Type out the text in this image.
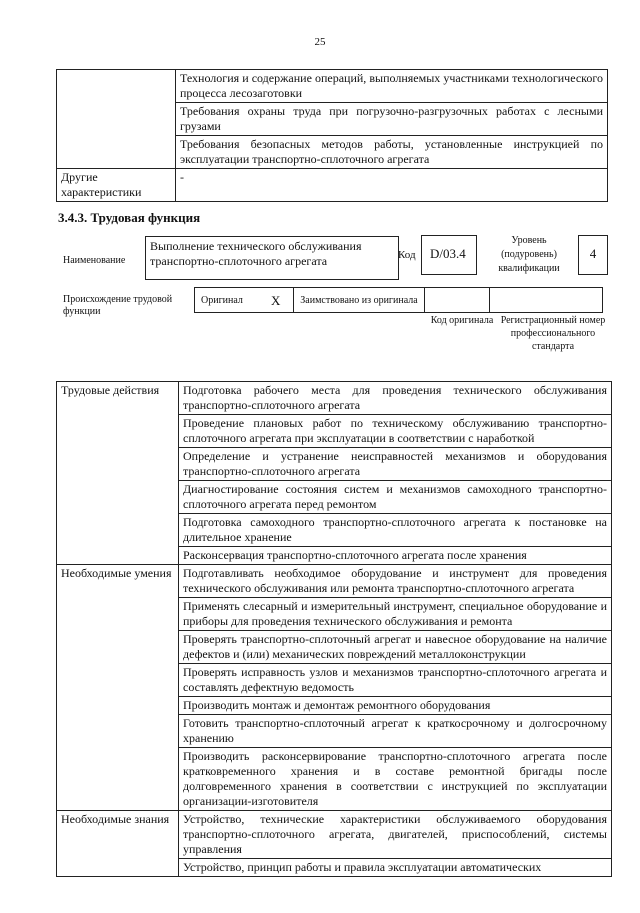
25
	Технология и содержание операций, выполняемых участниками технологического процесса лесозаготовки
	Требования охраны труда при погрузочно-разгрузочных работах с лесными грузами
	Требования безопасных методов работы, установленные инструкцией по эксплуатации транспортно-сплоточного агрегата
Другие характеристики	-
3.4.3. Трудовая функция
Наименование
Выполнение технического обслуживания транспортно-сплоточного агрегата	Код	D/03.4
Уровень (подуровень) квалификации
4
Происхождение трудовой функции
Оригинал	X	Заимствовано из оригинала		
Код оригинала Регистрационный номер профессионального стандарта
Трудовые действия	Подготовка рабочего места для проведения технического обслуживания транспортно-сплоточного агрегата
	Проведение плановых работ по техническому обслуживанию транспортно-сплоточного агрегата при эксплуатации в соответствии с наработкой
	Определение и устранение неисправностей механизмов и оборудования транспортно-сплоточного агрегата
	Диагностирование состояния систем и механизмов самоходного транспортно-сплоточного агрегата перед ремонтом
	Подготовка самоходного транспортно-сплоточного агрегата к постановке на длительное хранение
	Расконсервация транспортно-сплоточного агрегата после хранения
Необходимые умения	Подготавливать необходимое оборудование и инструмент для проведения технического обслуживания или ремонта транспортно-сплоточного агрегата
	Применять слесарный и измерительный инструмент, специальное оборудование и приборы для проведения технического обслуживания и ремонта
	Проверять транспортно-сплоточный агрегат и навесное оборудование на наличие дефектов и (или) механических повреждений металлоконструкции
	Проверять исправность узлов и механизмов транспортно-сплоточного агрегата и составлять дефектную ведомость
	Производить монтаж и демонтаж ремонтного оборудования
	Готовить транспортно-сплоточный агрегат к краткосрочному и долгосрочному хранению
	Производить расконсервирование транспортно-сплоточного агрегата после кратковременного хранения и в составе ремонтной бригады после долговременного хранения в соответствии с инструкцией по эксплуатации организации-изготовителя
Необходимые знания	Устройство, технические характеристики обслуживаемого оборудования транспортно-сплоточного агрегата, двигателей, приспособлений, системы управления
	Устройство, принцип работы и правила эксплуатации автоматических
